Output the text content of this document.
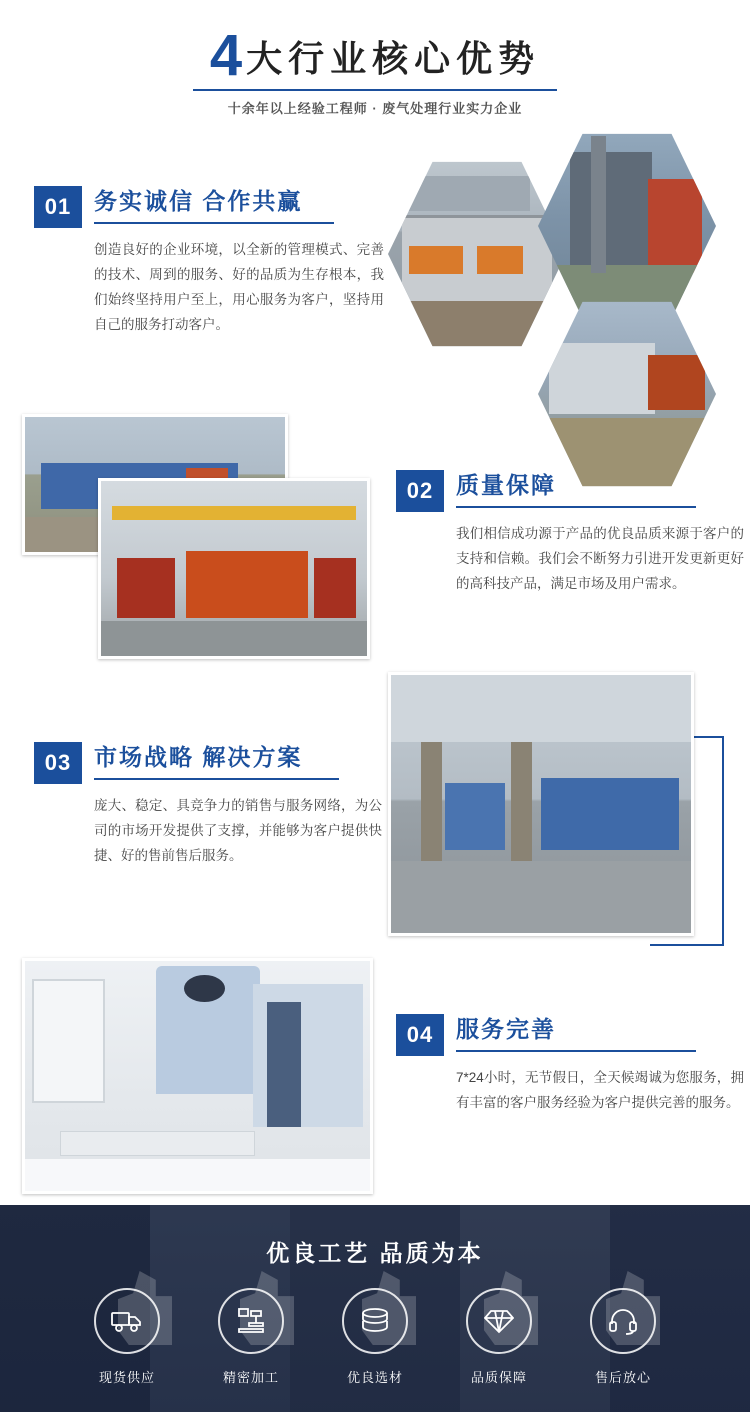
4 大行业核心优势
十余年以上经验工程师 · 废气处理行业实力企业
01 务实诚信 合作共赢
创造良好的企业环境，以全新的管理模式、完善的技术、周到的服务、好的品质为生存根本，我们始终坚持用户至上，用心服务为客户，坚持用自己的服务打动客户。
02 质量保障
我们相信成功源于产品的优良品质来源于客户的支持和信赖。我们会不断努力引进开发更新更好的高科技产品，满足市场及用户需求。
03 市场战略 解决方案
庞大、稳定、具竞争力的销售与服务网络，为公司的市场开发提供了支撑，并能够为客户提供快捷、好的售前售后服务。
04 服务完善
7*24小时，无节假日，全天候竭诚为您服务，拥有丰富的客户服务经验为客户提供完善的服务。
优良工艺 品质为本
现货供应	精密加工	优良选材	品质保障	售后放心
